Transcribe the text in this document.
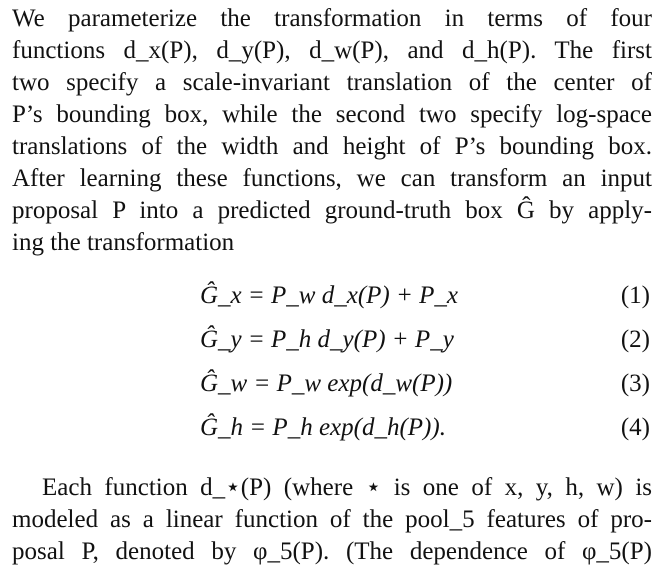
We parameterize the transformation in terms of four
functions d_x(P), d_y(P), d_w(P), and d_h(P). The first
two specify a scale-invariant translation of the center of
P’s bounding box, while the second two specify log-space
translations of the width and height of P’s bounding box.
After learning these functions, we can transform an input
proposal P into a predicted ground-truth box Ĝ by apply-
ing the transformation
Ĝ_x = P_w d_x(P) + P_x	(1)
Ĝ_y = P_h d_y(P) + P_y	(2)
Ĝ_w = P_w exp(d_w(P))	(3)
Ĝ_h = P_h exp(d_h(P)).	(4)
Each function d_⋆(P) (where ⋆ is one of x, y, h, w) is
modeled as a linear function of the pool_5 features of pro-
posal P, denoted by φ_5(P). (The dependence of φ_5(P)
